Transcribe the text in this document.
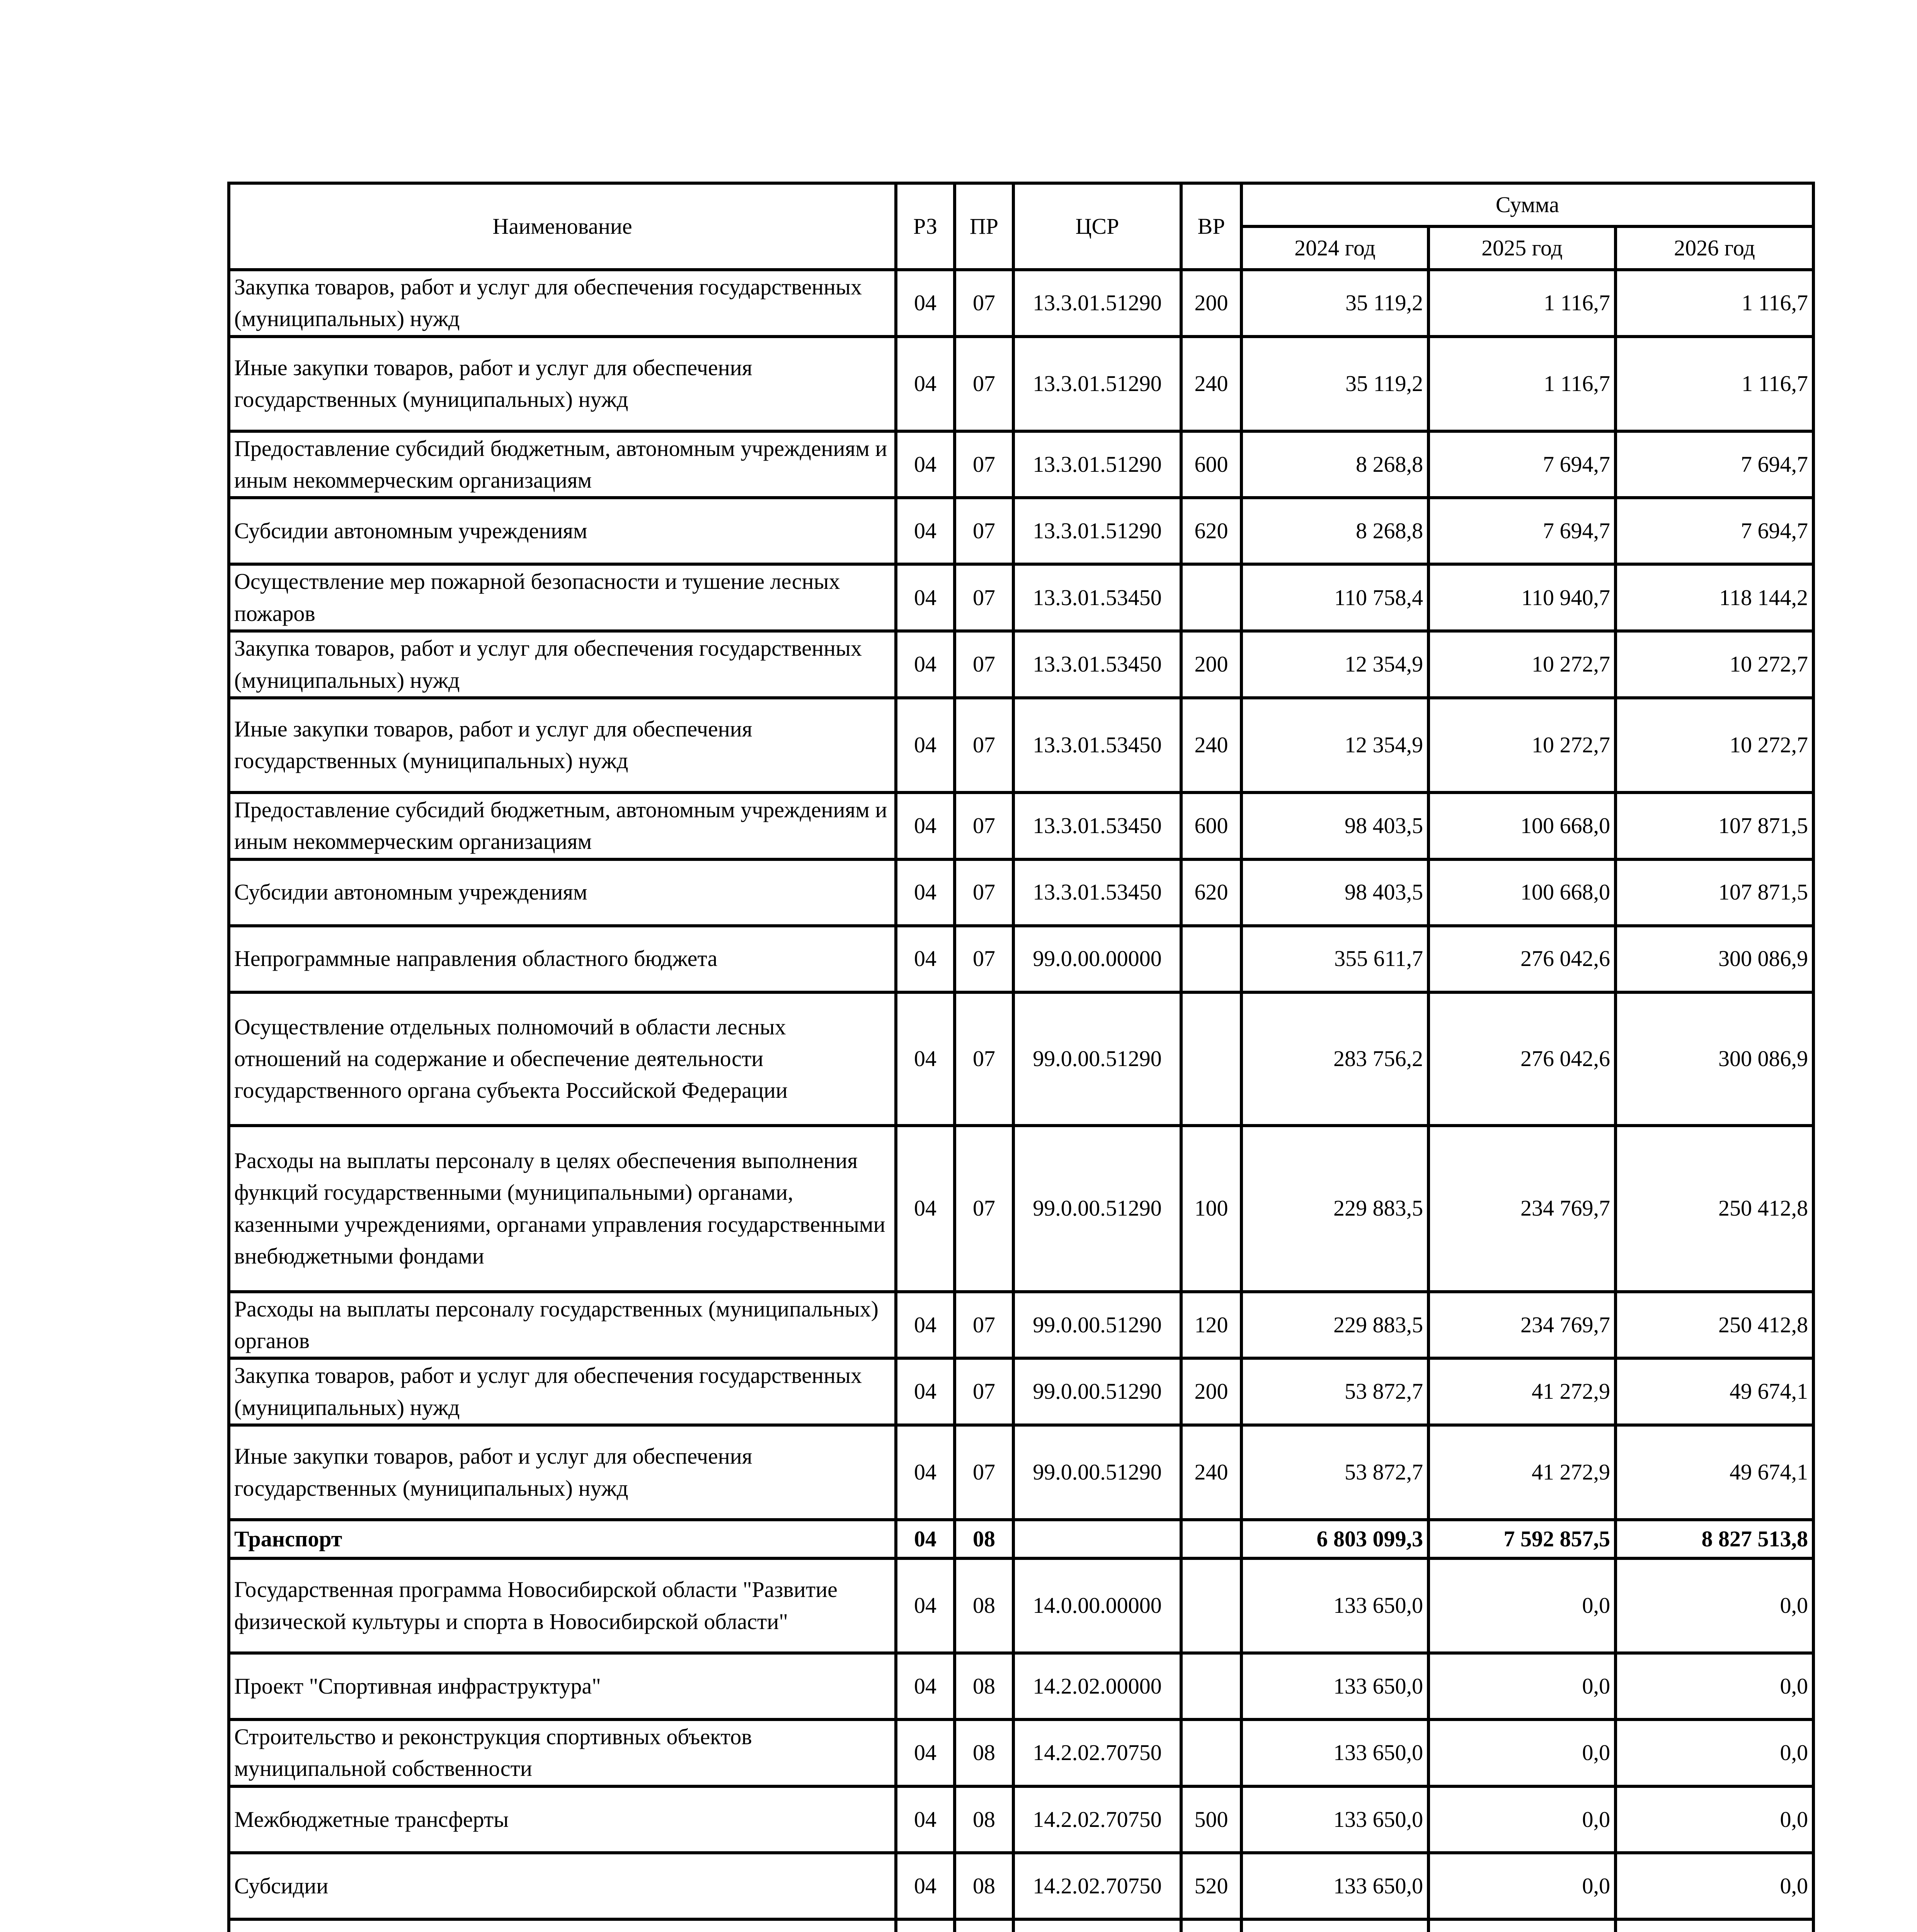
Наименование	РЗ	ПР	ЦСР	ВР	Сумма		
					2024 год	2025 год	2026 год
Закупка товаров, работ и услуг для обеспечения государственных (муниципальных) нужд	04	07	13.3.01.51290	200	35 119,2	1 116,7	1 116,7
Иные закупки товаров, работ и услуг для обеспечения государственных (муниципальных) нужд	04	07	13.3.01.51290	240	35 119,2	1 116,7	1 116,7
Предоставление субсидий бюджетным, автономным учреждениям и иным некоммерческим организациям	04	07	13.3.01.51290	600	8 268,8	7 694,7	7 694,7
Субсидии автономным учреждениям	04	07	13.3.01.51290	620	8 268,8	7 694,7	7 694,7
Осуществление мер пожарной безопасности и тушение лесных пожаров	04	07	13.3.01.53450		110 758,4	110 940,7	118 144,2
Закупка товаров, работ и услуг для обеспечения государственных (муниципальных) нужд	04	07	13.3.01.53450	200	12 354,9	10 272,7	10 272,7
Иные закупки товаров, работ и услуг для обеспечения государственных (муниципальных) нужд	04	07	13.3.01.53450	240	12 354,9	10 272,7	10 272,7
Предоставление субсидий бюджетным, автономным учреждениям и иным некоммерческим организациям	04	07	13.3.01.53450	600	98 403,5	100 668,0	107 871,5
Субсидии автономным учреждениям	04	07	13.3.01.53450	620	98 403,5	100 668,0	107 871,5
Непрограммные направления областного бюджета	04	07	99.0.00.00000		355 611,7	276 042,6	300 086,9
Осуществление отдельных полномочий в области лесных отношений на содержание и обеспечение деятельности государственного органа субъекта Российской Федерации	04	07	99.0.00.51290		283 756,2	276 042,6	300 086,9
Расходы на выплаты персоналу в целях обеспечения выполнения функций государственными (муниципальными) органами, казенными учреждениями, органами управления государственными внебюджетными фондами	04	07	99.0.00.51290	100	229 883,5	234 769,7	250 412,8
Расходы на выплаты персоналу государственных (муниципальных) органов	04	07	99.0.00.51290	120	229 883,5	234 769,7	250 412,8
Закупка товаров, работ и услуг для обеспечения государственных (муниципальных) нужд	04	07	99.0.00.51290	200	53 872,7	41 272,9	49 674,1
Иные закупки товаров, работ и услуг для обеспечения государственных (муниципальных) нужд	04	07	99.0.00.51290	240	53 872,7	41 272,9	49 674,1
Транспорт	04	08			6 803 099,3	7 592 857,5	8 827 513,8
Государственная программа Новосибирской области "Развитие физической культуры и спорта в Новосибирской области"	04	08	14.0.00.00000		133 650,0	0,0	0,0
Проект "Спортивная инфраструктура"	04	08	14.2.02.00000		133 650,0	0,0	0,0
Строительство и реконструкция спортивных объектов муниципальной собственности	04	08	14.2.02.70750		133 650,0	0,0	0,0
Межбюджетные трансферты	04	08	14.2.02.70750	500	133 650,0	0,0	0,0
Субсидии	04	08	14.2.02.70750	520	133 650,0	0,0	0,0
